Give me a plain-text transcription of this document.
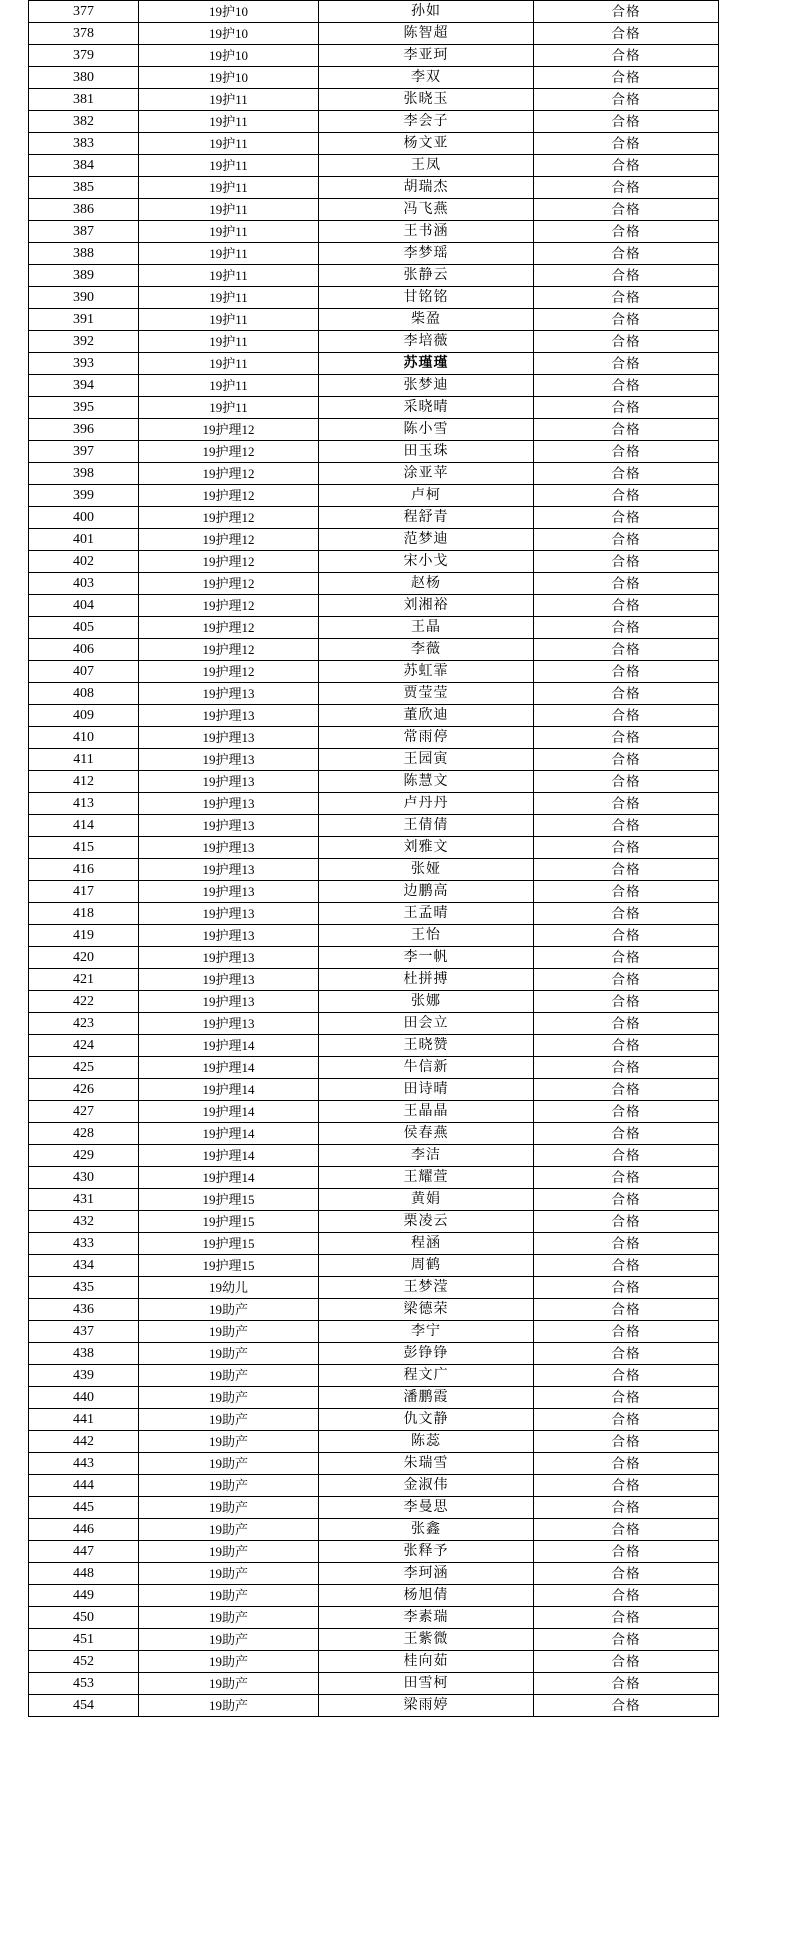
377	19护10	孙如	合格
378	19护10	陈智超	合格
379	19护10	李亚珂	合格
380	19护10	李双	合格
381	19护11	张晓玉	合格
382	19护11	李会子	合格
383	19护11	杨文亚	合格
384	19护11	王凤	合格
385	19护11	胡瑞杰	合格
386	19护11	冯飞燕	合格
387	19护11	王书涵	合格
388	19护11	李梦瑶	合格
389	19护11	张静云	合格
390	19护11	甘铭铭	合格
391	19护11	柴盈	合格
392	19护11	李培薇	合格
393	19护11	苏瑾瑾	合格
394	19护11	张梦迪	合格
395	19护11	采晓晴	合格
396	19护理12	陈小雪	合格
397	19护理12	田玉珠	合格
398	19护理12	涂亚苹	合格
399	19护理12	卢柯	合格
400	19护理12	程舒青	合格
401	19护理12	范梦迪	合格
402	19护理12	宋小戈	合格
403	19护理12	赵杨	合格
404	19护理12	刘湘裕	合格
405	19护理12	王晶	合格
406	19护理12	李薇	合格
407	19护理12	苏虹霏	合格
408	19护理13	贾莹莹	合格
409	19护理13	董欣迪	合格
410	19护理13	常雨停	合格
411	19护理13	王园寅	合格
412	19护理13	陈慧文	合格
413	19护理13	卢丹丹	合格
414	19护理13	王倩倩	合格
415	19护理13	刘雅文	合格
416	19护理13	张娅	合格
417	19护理13	边鹏高	合格
418	19护理13	王孟晴	合格
419	19护理13	王怡	合格
420	19护理13	李一帆	合格
421	19护理13	杜拼搏	合格
422	19护理13	张娜	合格
423	19护理13	田会立	合格
424	19护理14	王晓赞	合格
425	19护理14	牛信新	合格
426	19护理14	田诗晴	合格
427	19护理14	王晶晶	合格
428	19护理14	侯春燕	合格
429	19护理14	李洁	合格
430	19护理14	王耀萱	合格
431	19护理15	黄娟	合格
432	19护理15	栗凌云	合格
433	19护理15	程涵	合格
434	19护理15	周鹤	合格
435	19幼儿	王梦滢	合格
436	19助产	梁德荣	合格
437	19助产	李宁	合格
438	19助产	彭铮铮	合格
439	19助产	程文广	合格
440	19助产	潘鹏霞	合格
441	19助产	仇文静	合格
442	19助产	陈蕊	合格
443	19助产	朱瑞雪	合格
444	19助产	金淑伟	合格
445	19助产	李曼思	合格
446	19助产	张鑫	合格
447	19助产	张释予	合格
448	19助产	李珂涵	合格
449	19助产	杨旭倩	合格
450	19助产	李素瑞	合格
451	19助产	王紫微	合格
452	19助产	桂向茹	合格
453	19助产	田雪柯	合格
454	19助产	梁雨婷	合格
